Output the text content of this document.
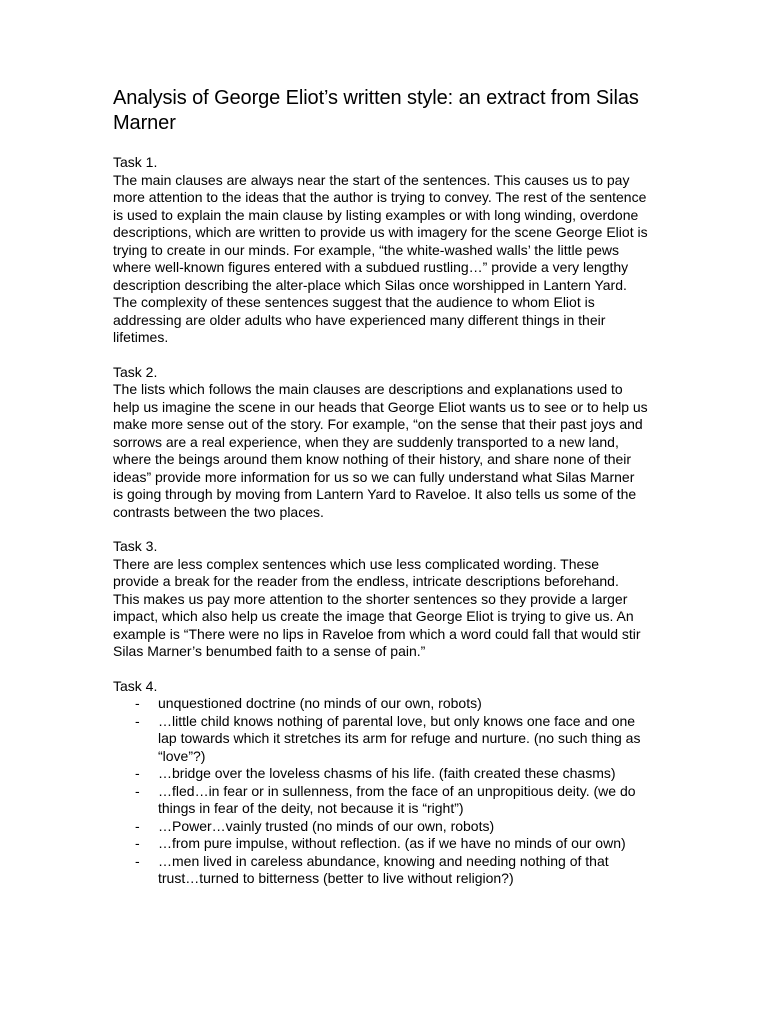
Analysis of George Eliot’s written style: an extract from Silas Marner

Task 1.

The main clauses are always near the start of the sentences. This causes us to pay more attention to the ideas that the author is trying to convey. The rest of the sentence is used to explain the main clause by listing examples or with long winding, overdone descriptions, which are written to provide us with imagery for the scene George Eliot is trying to create in our minds. For example, “the white-washed walls’ the little pews where well-known figures entered with a subdued rustling…” provide a very lengthy description describing the alter-place which Silas once worshipped in Lantern Yard. The complexity of these sentences suggest that the audience to whom Eliot is addressing are older adults who have experienced many different things in their lifetimes.

Task 2.

The lists which follows the main clauses are descriptions and explanations used to help us imagine the scene in our heads that George Eliot wants us to see or to help us make more sense out of the story. For example, “on the sense that their past joys and sorrows are a real experience, when they are suddenly transported to a new land, where the beings around them know nothing of their history, and share none of their ideas” provide more information for us so we can fully understand what Silas Marner is going through by moving from Lantern Yard to Raveloe. It also tells us some of the contrasts between the two places.

Task 3.

There are less complex sentences which use less complicated wording. These provide a break for the reader from the endless, intricate descriptions beforehand. This makes us pay more attention to the shorter sentences so they provide a larger impact, which also help us create the image that George Eliot is trying to give us. An example is “There were no lips in Raveloe from which a word could fall that would stir Silas Marner’s benumbed faith to a sense of pain.”

Task 4.

- unquestioned doctrine (no minds of our own, robots)
- …little child knows nothing of parental love, but only knows one face and one lap towards which it stretches its arm for refuge and nurture. (no such thing as “love”?)
- …bridge over the loveless chasms of his life. (faith created these chasms)
- …fled…in fear or in sullenness, from the face of an unpropitious deity. (we do things in fear of the deity, not because it is “right”)
- …Power…vainly trusted (no minds of our own, robots)
- …from pure impulse, without reflection. (as if we have no minds of our own)
- …men lived in careless abundance, knowing and needing nothing of that trust…turned to bitterness (better to live without religion?)
